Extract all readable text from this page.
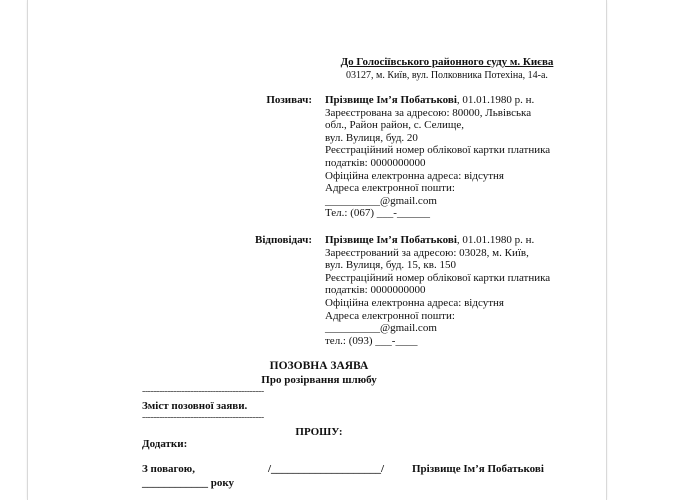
До Голосіївського районного суду м. Києва
03127, м. Київ, вул. Полковника Потехіна, 14-а.
Позивач: Прізвище Ім’я Побатькові, 01.01.1980 р. н.
Зареєстрована за адресою: 80000, Львівська
обл., Район район, с. Селище,
вул. Вулиця, буд. 20
Реєстраційний номер облікової картки платника
податків: 0000000000
Офіційна електронна адреса: відсутня
Адреса електронної пошти:
__________@gmail.com
Тел.: (067) ___-______
Відповідач: Прізвище Ім’я Побатькові, 01.01.1980 р. н.
Зареєстрований за адресою: 03028, м. Київ,
вул. Вулиця, буд. 15, кв. 150
Реєстраційний номер облікової картки платника
податків: 0000000000
Офіційна електронна адреса: відсутня
Адреса електронної пошти:
__________@gmail.com
тел.: (093) ___-____
ПОЗОВНА ЗАЯВА
Про розірвання шлюбу
-------------------------------------------
Зміст позовної заяви.
-------------------------------------------
ПРОШУ:
Додатки:
З повагою,	/____________________/	Прізвище Ім’я Побатькові
____________ року
